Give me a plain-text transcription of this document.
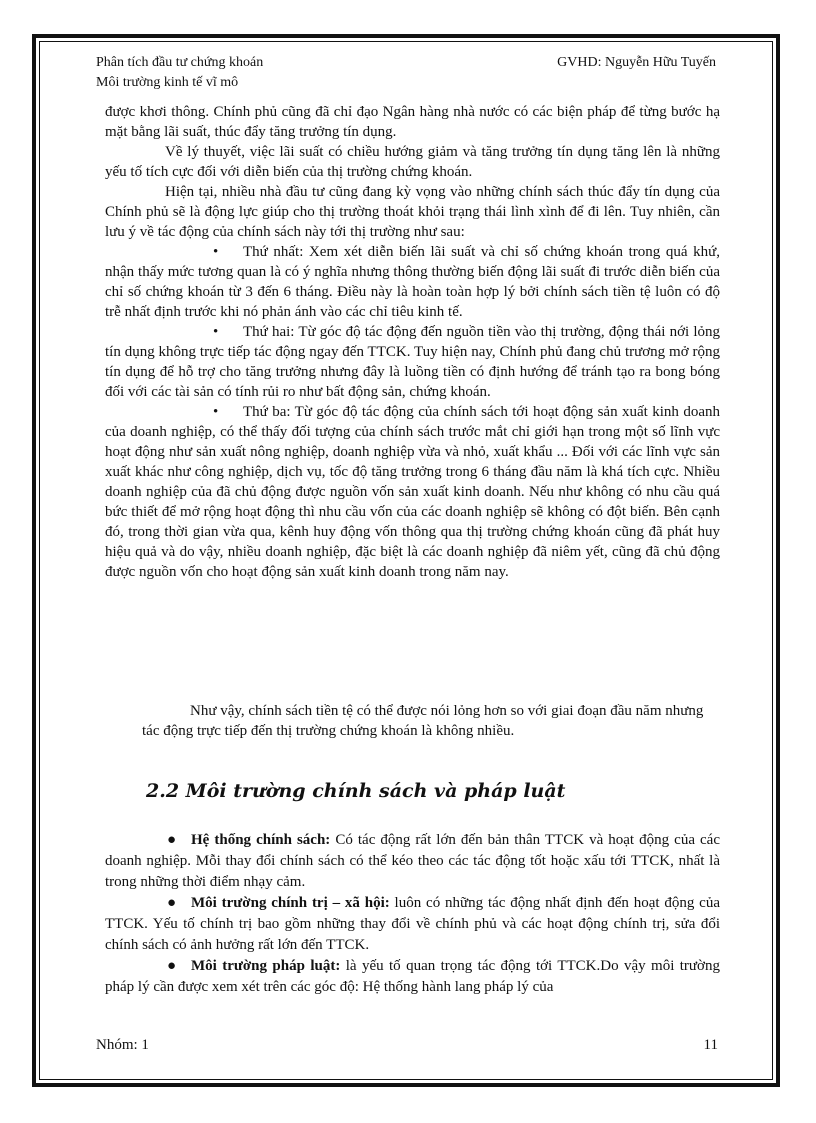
Phân tích đầu tư chứng khoán
Môi trường kinh tế vĩ mô
GVHD: Nguyễn Hữu Tuyến

được khơi thông. Chính phủ cũng đã chỉ đạo Ngân hàng nhà nước có các biện pháp để từng bước hạ mặt bằng lãi suất, thúc đẩy tăng trưởng tín dụng.

Về lý thuyết, việc lãi suất có chiều hướng giảm và tăng trưởng tín dụng tăng lên là những yếu tố tích cực đối với diễn biến của thị trường chứng khoán.

Hiện tại, nhiều nhà đầu tư cũng đang kỳ vọng vào những chính sách thúc đẩy tín dụng của Chính phủ sẽ là động lực giúp cho thị trường thoát khỏi trạng thái lình xình để đi lên. Tuy nhiên, cần lưu ý về tác động của chính sách này tới thị trường như sau:

• Thứ nhất: Xem xét diễn biến lãi suất và chỉ số chứng khoán trong quá khứ, nhận thấy mức tương quan là có ý nghĩa nhưng thông thường biến động lãi suất đi trước diễn biến của chỉ số chứng khoán từ 3 đến 6 tháng. Điều này là hoàn toàn hợp lý bởi chính sách tiền tệ luôn có độ trễ nhất định trước khi nó phản ánh vào các chỉ tiêu kinh tế.

• Thứ hai: Từ góc độ tác động đến nguồn tiền vào thị trường, động thái nới lỏng tín dụng không trực tiếp tác động ngay đến TTCK. Tuy hiện nay, Chính phủ đang chủ trương mở rộng tín dụng để hỗ trợ cho tăng trưởng nhưng đây là luồng tiền có định hướng để tránh tạo ra bong bóng đối với các tài sản có tính rủi ro như bất động sản, chứng khoán.

• Thứ ba: Từ góc độ tác động của chính sách tới hoạt động sản xuất kinh doanh của doanh nghiệp, có thể thấy đối tượng của chính sách trước mắt chỉ giới hạn trong một số lĩnh vực hoạt động như sản xuất nông nghiệp, doanh nghiệp vừa và nhỏ, xuất khẩu ... Đối với các lĩnh vực sản xuất khác như công nghiệp, dịch vụ, tốc độ tăng trưởng trong 6 tháng đầu năm là khá tích cực. Nhiều doanh nghiệp của đã chủ động được nguồn vốn sản xuất kinh doanh. Nếu như không có nhu cầu quá bức thiết để mở rộng hoạt động thì nhu cầu vốn của các doanh nghiệp sẽ không có đột biến. Bên cạnh đó, trong thời gian vừa qua, kênh huy động vốn thông qua thị trường chứng khoán cũng đã phát huy hiệu quả và do vậy, nhiều doanh nghiệp, đặc biệt là các doanh nghiệp đã niêm yết, cũng đã chủ động được nguồn vốn cho hoạt động sản xuất kinh doanh trong năm nay.

Như vậy, chính sách tiền tệ có thể được nói lỏng hơn so với giai đoạn đầu năm nhưng tác động trực tiếp đến thị trường chứng khoán là không nhiều.

2.2 Môi trường chính sách và pháp luật

● Hệ thống chính sách: Có tác động rất lớn đến bản thân TTCK và hoạt động của các doanh nghiệp. Mỗi thay đổi chính sách có thể kéo theo các tác động tốt hoặc xấu tới TTCK, nhất là trong những thời điểm nhạy cảm.

● Môi trường chính trị – xã hội: luôn có những tác động nhất định đến hoạt động của TTCK. Yếu tố chính trị bao gồm những thay đổi về chính phủ và các hoạt động chính trị, sửa đổi chính sách có ảnh hưởng rất lớn đến TTCK.

● Môi trường pháp luật: là yếu tố quan trọng tác động tới TTCK.Do vậy môi trường pháp lý cần được xem xét trên các góc độ: Hệ thống hành lang pháp lý của

Nhóm: 1	11
